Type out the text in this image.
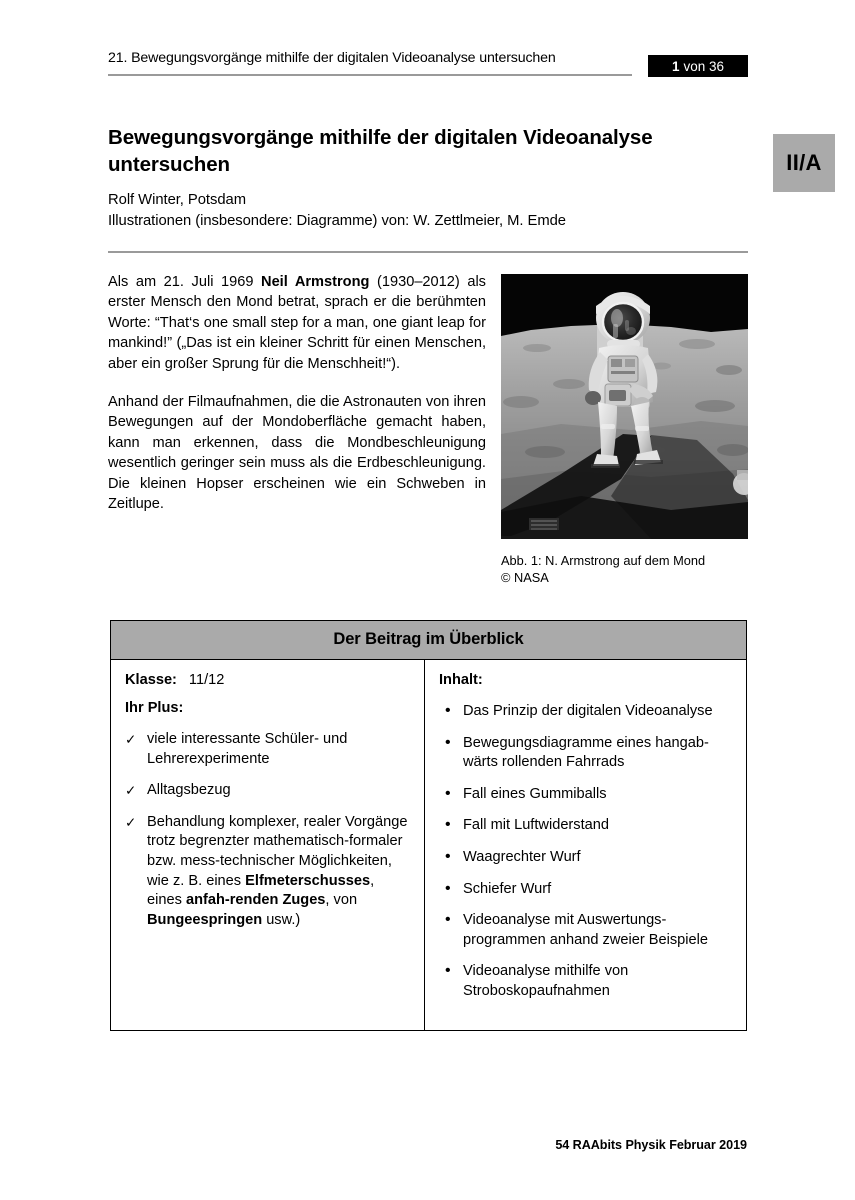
21. Bewegungsvorgänge mithilfe der digitalen Videoanalyse untersuchen	1 von 36
II/A
Bewegungsvorgänge mithilfe der digitalen Videoanalyse untersuchen
Rolf Winter, Potsdam
Illustrationen (insbesondere: Diagramme) von: W. Zettlmeier, M. Emde

Als am 21. Juli 1969 Neil Armstrong (1930–2012) als erster Mensch den Mond betrat, sprach er die berühmten Worte: “That‘s one small step for a man, one giant leap for mankind!” („Das ist ein kleiner Schritt für einen Menschen, aber ein großer Sprung für die Menschheit!“).

Anhand der Filmaufnahmen, die die Astronauten von ihren Bewegungen auf der Mondoberfläche gemacht haben, kann man erkennen, dass die Mondbeschleunigung wesentlich geringer sein muss als die Erdbeschleunigung. Die kleinen Hopser erscheinen wie ein Schweben in Zeitlupe.

Abb. 1: N. Armstrong auf dem Mond
© NASA
Der Beitrag im Überblick
Klasse: 11/12
Ihr Plus:
✓ viele interessante Schüler- und Lehrerexperimente
✓ Alltagsbezug
✓ Behandlung komplexer, realer Vorgänge trotz begrenzter mathematisch-formaler bzw. mess-technischer Möglichkeiten, wie z. B. eines Elfmeterschusses, eines anfah-renden Zuges, von Bungeespringen usw.)
Inhalt:
• Das Prinzip der digitalen Videoanalyse
• Bewegungsdiagramme eines hangab-wärts rollenden Fahrrads
• Fall eines Gummiballs
• Fall mit Luftwiderstand
• Waagrechter Wurf
• Schiefer Wurf
• Videoanalyse mit Auswertungs-programmen anhand zweier Beispiele
• Videoanalyse mithilfe von Stroboskopaufnahmen
54 RAAbits Physik Februar 2019
